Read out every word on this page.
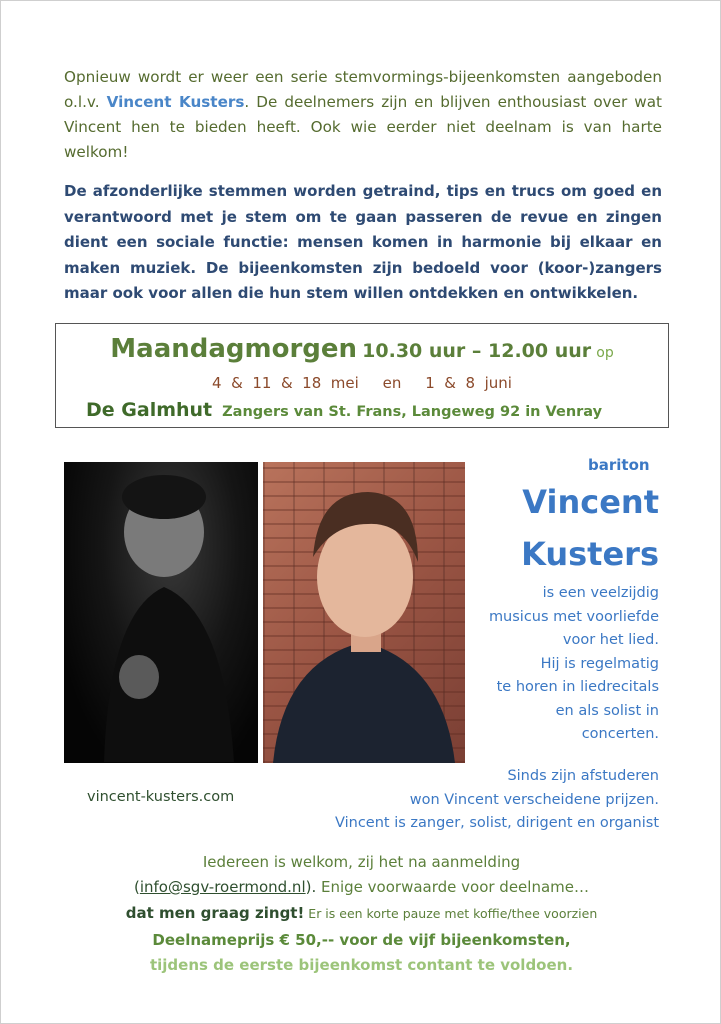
Opnieuw wordt er weer een serie stemvormings-bijeenkomsten aangeboden o.l.v. Vincent Kusters. De deelnemers zijn en blijven enthousiast over wat Vincent hen te bieden heeft. Ook wie eerder niet deelnam is van harte welkom!
De afzonderlijke stemmen worden getraind, tips en trucs om goed en verantwoord met je stem om te gaan passeren de revue en zingen dient een sociale functie: mensen komen in harmonie bij elkaar en maken muziek. De bijeenkomsten zijn bedoeld voor (koor-)zangers maar ook voor allen die hun stem willen ontdekken en ontwikkelen.
Maandagmorgen 10.30 uur – 12.00 uur op
4  &  11  &  18  mei     en     1  &  8  juni
De Galmhut Zangers van St. Frans, Langeweg 92 in Venray
bariton
Vincent
Kusters
is een veelzijdig
musicus met voorliefde
voor het lied.
Hij is regelmatig
te horen in liedrecitals
en als solist in
concerten.
Sinds zijn afstuderen
won Vincent verscheidene prijzen.
Vincent is zanger, solist, dirigent en organist
vincent-kusters.com
Iedereen is welkom, zij het na aanmelding
(info@sgv-roermond.nl). Enige voorwaarde voor deelname…
dat men graag zingt! Er is een korte pauze met koffie/thee voorzien
Deelnameprijs € 50,-- voor de vijf bijeenkomsten,
tijdens de eerste bijeenkomst contant te voldoen.
